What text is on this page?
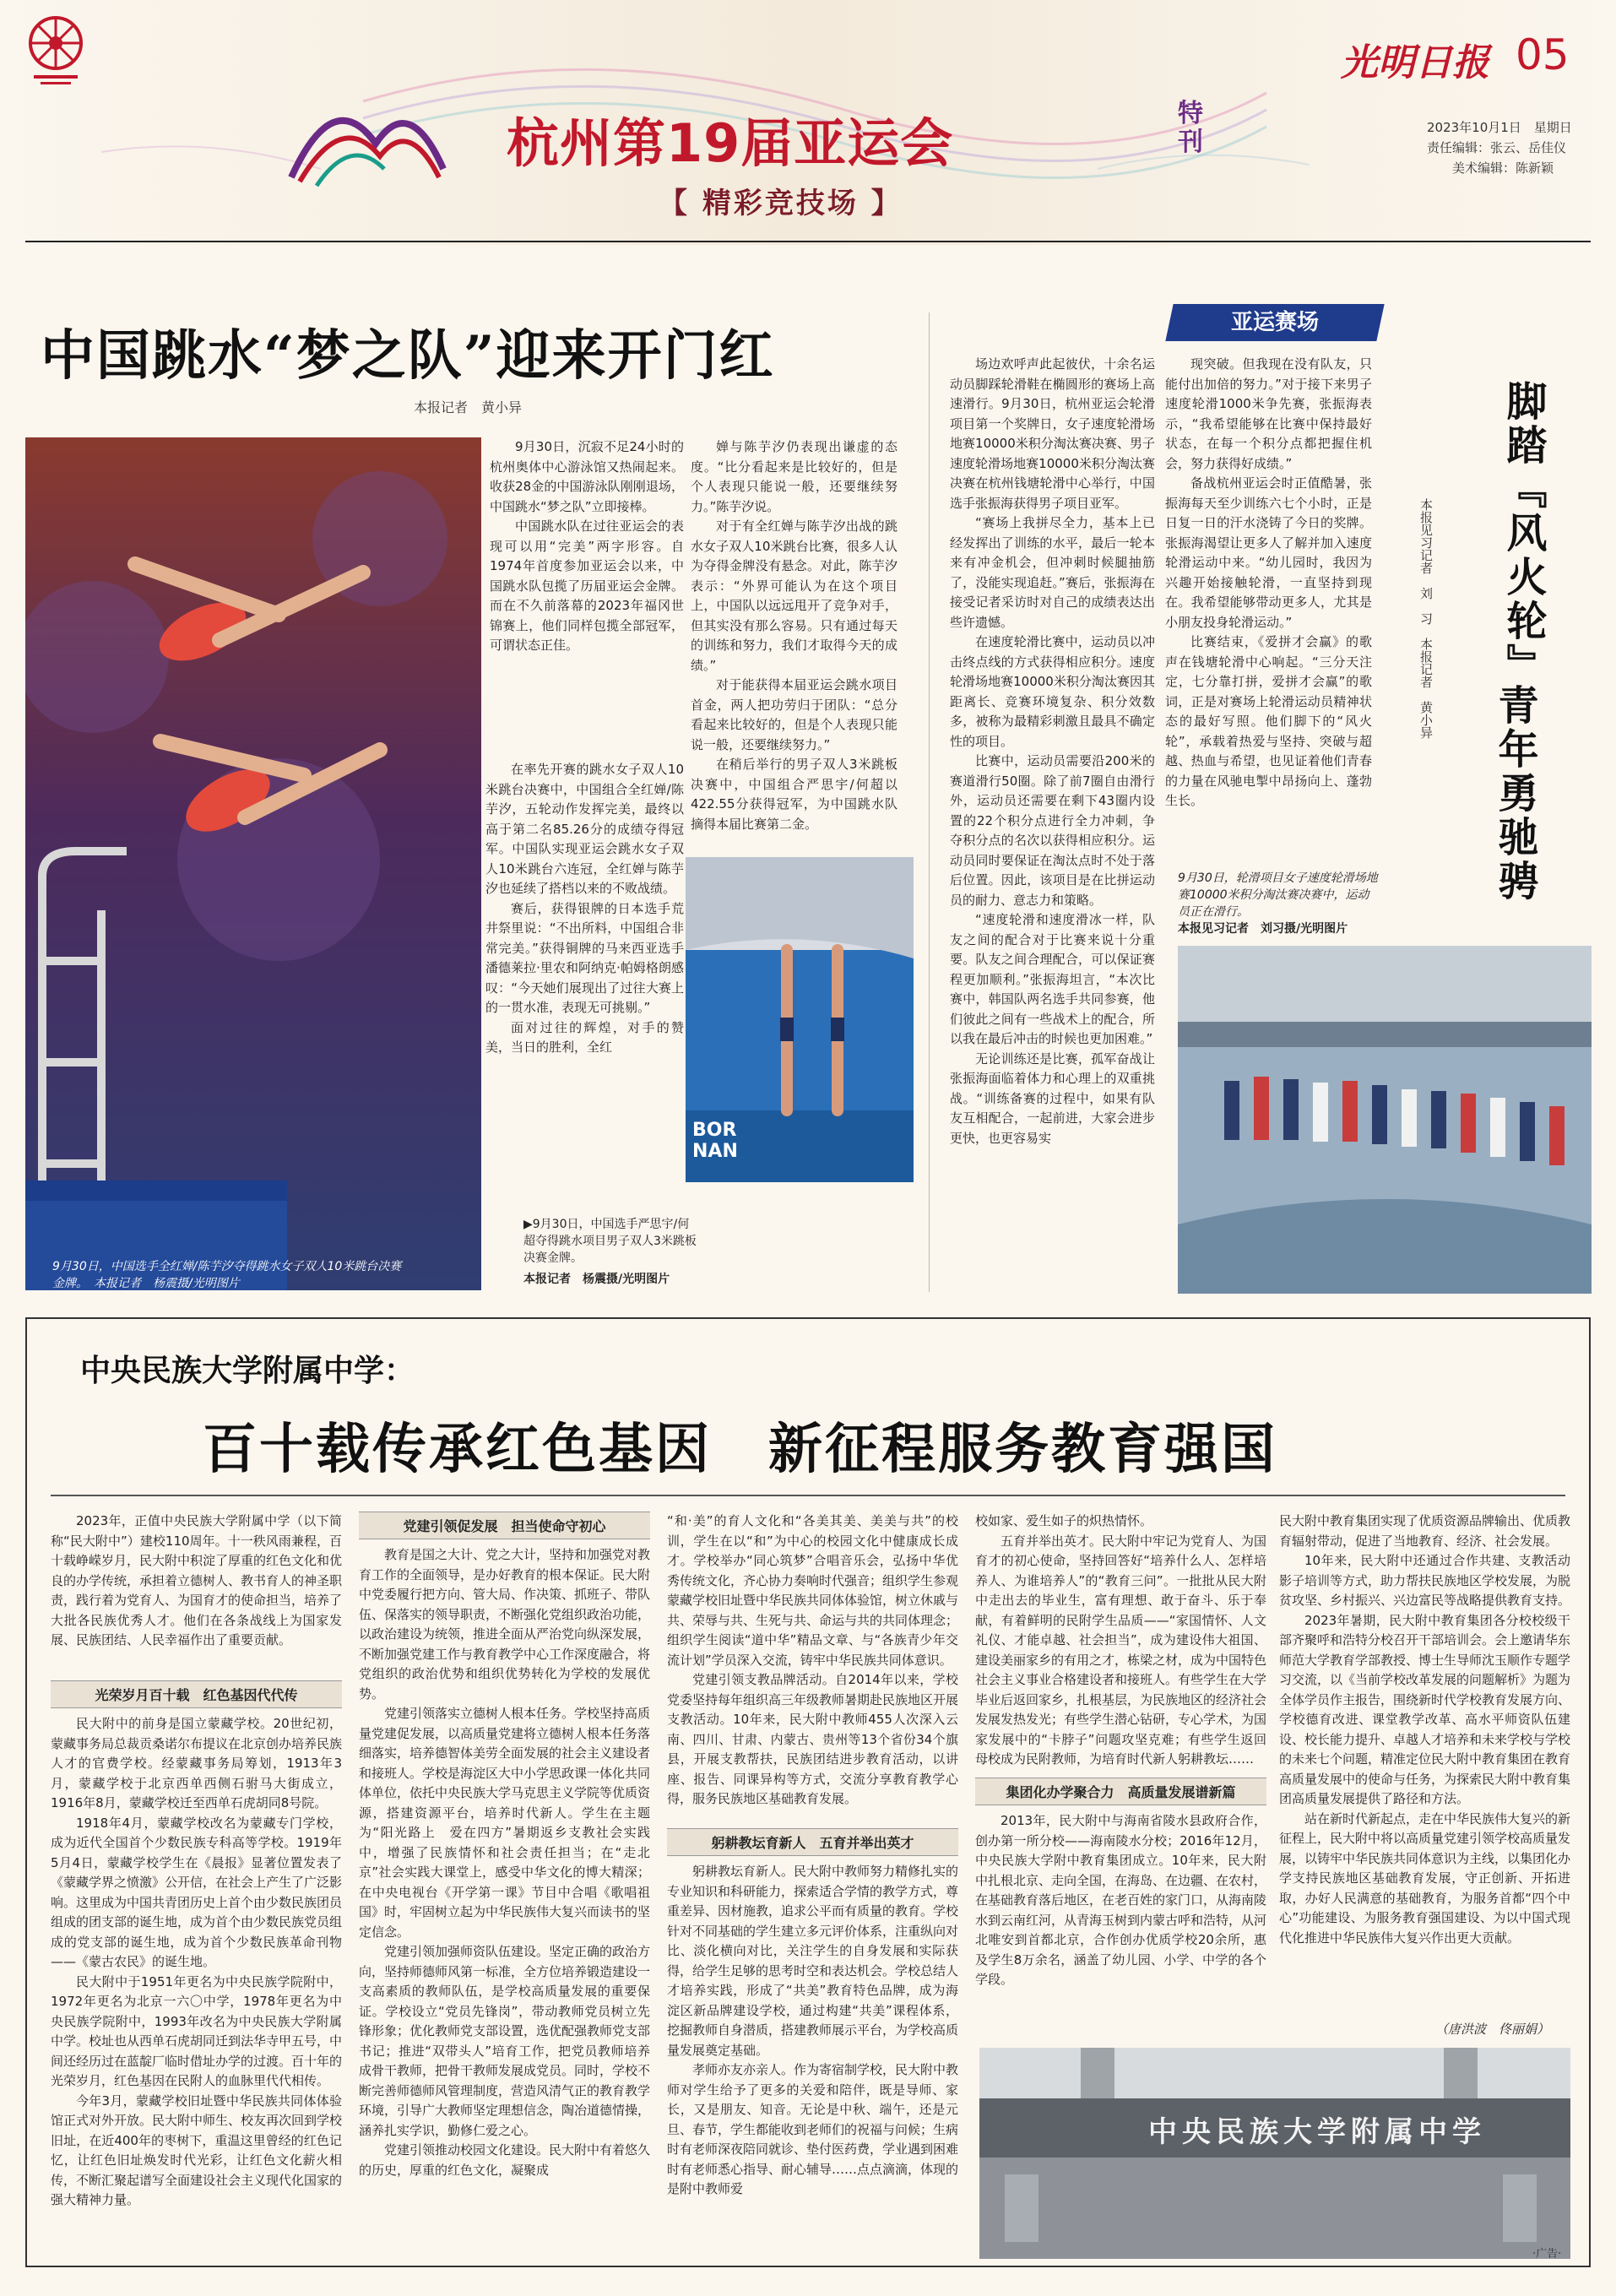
杭州第19届亚运会	特刊
【 精彩竞技场 】
光明日报 05
2023年10月1日　星期日
责任编辑：张云、岳佳仪
美术编辑：陈新颖
中国跳水“梦之队”迎来开门红
本报记者　黄小异
9月30日，中国选手全红婵/陈芋汐夺得跳水女子双人10米跳台决赛金牌。　本报记者　杨震摄/光明图片

9月30日，沉寂不足24小时的杭州奥体中心游泳馆又热闹起来。收获28金的中国游泳队刚刚退场，中国跳水“梦之队”立即接棒。

中国跳水队在过往亚运会的表现可以用“完美”两字形容。自1974年首度参加亚运会以来，中国跳水队包揽了历届亚运会金牌。而在不久前落幕的2023年福冈世锦赛上，他们同样包揽全部冠军，可谓状态正佳。

在率先开赛的跳水女子双人10米跳台决赛中，中国组合全红婵/陈芋汐，五轮动作发挥完美，最终以高于第二名85.26分的成绩夺得冠军。中国队实现亚运会跳水女子双人10米跳台六连冠，全红婵与陈芋汐也延续了搭档以来的不败战绩。

赛后，获得银牌的日本选手荒井祭里说：“不出所料，中国组合非常完美。”获得铜牌的马来西亚选手潘德莱拉·里农和阿纳克·帕姆格朗感叹：“今天她们展现出了过往大赛上的一贯水准，表现无可挑剔。”

面对过往的辉煌，对手的赞美，当日的胜利，全红

婵与陈芋汐仍表现出谦虚的态度。“比分看起来是比较好的，但是个人表现只能说一般，还要继续努力。”陈芋汐说。

对于有全红婵与陈芋汐出战的跳水女子双人10米跳台比赛，很多人认为夺得金牌没有悬念。对此，陈芋汐表示：“外界可能认为在这个项目上，中国队以远远甩开了竞争对手，但其实没有那么容易。只有通过每天的训练和努力，我们才取得今天的成绩。”

对于能获得本届亚运会跳水项目首金，两人把功劳归于团队：“总分看起来比较好的，但是个人表现只能说一般，还要继续努力。”

在稍后举行的男子双人3米跳板决赛中，中国组合严思宇/何超以422.55分获得冠军，为中国跳水队摘得本届比赛第二金。

BOR
NAN
▶9月30日，中国选手严思宇/何超夺得跳水项目男子双人3米跳板决赛金牌。
本报记者　杨震摄/光明图片
亚运赛场

场边欢呼声此起彼伏，十余名运动员脚踩轮滑鞋在椭圆形的赛场上高速滑行。9月30日，杭州亚运会轮滑项目第一个奖牌日，女子速度轮滑场地赛10000米积分淘汰赛决赛、男子速度轮滑场地赛10000米积分淘汰赛决赛在杭州钱塘轮滑中心举行，中国选手张振海获得男子项目亚军。

“赛场上我拼尽全力，基本上已经发挥出了训练的水平，最后一轮本来有冲金机会，但冲刺时候腿抽筋了，没能实现追赶。”赛后，张振海在接受记者采访时对自己的成绩表达出些许遗憾。

在速度轮滑比赛中，运动员以冲击终点线的方式获得相应积分。速度轮滑场地赛10000米积分淘汰赛因其距离长、竞赛环境复杂、积分效数多，被称为最精彩刺激且最具不确定性的项目。

比赛中，运动员需要沿200米的赛道滑行50圈。除了前7圈自由滑行外，运动员还需要在剩下43圈内设置的22个积分点进行全力冲刺，争夺积分点的名次以获得相应积分。运动员同时要保证在淘汰点时不处于落后位置。因此，该项目是在比拼运动员的耐力、意志力和策略。

“速度轮滑和速度滑冰一样，队友之间的配合对于比赛来说十分重要。队友之间合理配合，可以保证赛程更加顺利。”张振海坦言，“本次比赛中，韩国队两名选手共同参赛，他们彼此之间有一些战术上的配合，所以我在最后冲击的时候也更加困难。”

无论训练还是比赛，孤军奋战让张振海面临着体力和心理上的双重挑战。“训练备赛的过程中，如果有队友互相配合，一起前进，大家会进步更快，也更容易实

现突破。但我现在没有队友，只能付出加倍的努力。”对于接下来男子速度轮滑1000米争先赛，张振海表示，“我希望能够在比赛中保持最好状态，在每一个积分点都把握住机会，努力获得好成绩。”

备战杭州亚运会时正值酷暑，张振海每天至少训练六七个小时，正是日复一日的汗水浇铸了今日的奖牌。张振海渴望让更多人了解并加入速度轮滑运动中来。“幼儿园时，我因为兴趣开始接触轮滑，一直坚持到现在。我希望能够带动更多人，尤其是小朋友投身轮滑运动。”

比赛结束，《爱拼才会赢》的歌声在钱塘轮滑中心响起。“三分天注定，七分靠打拼，爱拼才会赢”的歌词，正是对赛场上轮滑运动员精神状态的最好写照。他们脚下的“风火轮”，承载着热爱与坚持、突破与超越、热血与希望，也见证着他们青春的力量在风驰电掣中昂扬向上、蓬勃生长。

脚踏『风火轮』
青年勇驰骋
本报见习记者　刘　习　本报记者　黄小异
9月30日，轮滑项目女子速度轮滑场地赛10000米积分淘汰赛决赛中，运动员正在滑行。
本报见习记者　刘习摄/光明图片
中央民族大学附属中学：
百十载传承红色基因　新征程服务教育强国

2023年，正值中央民族大学附属中学（以下简称“民大附中”）建校110周年。十一秩风雨兼程，百十载峥嵘岁月，民大附中积淀了厚重的红色文化和优良的办学传统，承担着立德树人、教书育人的神圣职责，践行着为党育人、为国育才的使命担当，培养了大批各民族优秀人才。他们在各条战线上为国家发展、民族团结、人民幸福作出了重要贡献。

光荣岁月百十载　红色基因代代传

民大附中的前身是国立蒙藏学校。20世纪初，蒙藏事务局总裁贡桑诺尔布提议在北京创办培养民族人才的官费学校。经蒙藏事务局筹划，1913年3月，蒙藏学校于北京西单西侧石驸马大街成立，1916年8月，蒙藏学校迁至西单石虎胡同8号院。

1918年4月，蒙藏学校改名为蒙藏专门学校，成为近代全国首个少数民族专科高等学校。1919年5月4日，蒙藏学校学生在《晨报》显著位置发表了《蒙藏学界之愤激》公开信，在社会上产生了广泛影响。这里成为中国共青团历史上首个由少数民族团员组成的团支部的诞生地，成为首个由少数民族党员组成的党支部的诞生地，成为首个少数民族革命刊物——《蒙古农民》的诞生地。

民大附中于1951年更名为中央民族学院附中，1972年更名为北京一六〇中学，1978年更名为中央民族学院附中，1993年改名为中央民族大学附属中学。校址也从西单石虎胡同迁到法华寺甲五号，中间还经历过在蓝靛厂临时借址办学的过渡。百十年的光荣岁月，红色基因在民附人的血脉里代代相传。

今年3月，蒙藏学校旧址暨中华民族共同体体验馆正式对外开放。民大附中师生、校友再次回到学校旧址，在近400年的枣树下，重温这里曾经的红色记忆，让红色旧址焕发时代光彩，让红色文化薪火相传，不断汇聚起谱写全面建设社会主义现代化国家的强大精神力量。

党建引领促发展　担当使命守初心

教育是国之大计、党之大计，坚持和加强党对教育工作的全面领导，是办好教育的根本保证。民大附中党委履行把方向、管大局、作决策、抓班子、带队伍、保落实的领导职责，不断强化党组织政治功能，以政治建设为统领，推进全面从严治党向纵深发展，不断加强党建工作与教育教学中心工作深度融合，将党组织的政治优势和组织优势转化为学校的发展优势。

党建引领落实立德树人根本任务。学校坚持高质量党建促发展，以高质量党建将立德树人根本任务落细落实，培养德智体美劳全面发展的社会主义建设者和接班人。学校是海淀区大中小学思政课一体化共同体单位，依托中央民族大学马克思主义学院等优质资源，搭建资源平台，培养时代新人。学生在主题为“阳光路上　爱在四方”暑期返乡支教社会实践中，增强了民族情怀和社会责任担当；在“走北京”社会实践大课堂上，感受中华文化的博大精深；在中央电视台《开学第一课》节目中合唱《歌唱祖国》时，牢固树立起为中华民族伟大复兴而读书的坚定信念。

党建引领加强师资队伍建设。坚定正确的政治方向，坚持师德师风第一标准，全方位培养锻造建设一支高素质的教师队伍，是学校高质量发展的重要保证。学校设立“党员先锋岗”，带动教师党员树立先锋形象；优化教师党支部设置，选优配强教师党支部书记；推进“双带头人”培育工作，把党员教师培养成骨干教师，把骨干教师发展成党员。同时，学校不断完善师德师风管理制度，营造风清气正的教育教学环境，引导广大教师坚定理想信念，陶冶道德情操，涵养扎实学识，勤修仁爱之心。

党建引领推动校园文化建设。民大附中有着悠久的历史，厚重的红色文化，凝聚成

“和·美”的育人文化和“各美其美、美美与共”的校训，学生在以“和”为中心的校园文化中健康成长成才。学校举办“同心筑梦”合唱音乐会，弘扬中华优秀传统文化，齐心协力奏响时代强音；组织学生参观蒙藏学校旧址暨中华民族共同体体验馆，树立休戚与共、荣辱与共、生死与共、命运与共的共同体理念；组织学生阅读“道中华”精品文章、与“各族青少年交流计划”学员深入交流，铸牢中华民族共同体意识。

党建引领支教品牌活动。自2014年以来，学校党委坚持每年组织高三年级教师暑期赴民族地区开展支教活动。10年来，民大附中教师455人次深入云南、四川、甘肃、内蒙古、贵州等13个省份34个旗县，开展支教帮扶，民族团结进步教育活动，以讲座、报告、同课异构等方式，交流分享教育教学心得，服务民族地区基础教育发展。

躬耕教坛育新人　五育并举出英才

躬耕教坛育新人。民大附中教师努力精修扎实的专业知识和科研能力，探索适合学情的教学方式，尊重差异、因材施教，追求公平而有质量的教育。学校针对不同基础的学生建立多元评价体系，注重纵向对比、淡化横向对比，关注学生的自身发展和实际获得，给学生足够的思考时空和表达机会。学校总结人才培养实践，形成了“共美”教育特色品牌，成为海淀区新品牌建设学校，通过构建“共美”课程体系，挖掘教师自身潜质，搭建教师展示平台，为学校高质量发展奠定基础。

孝师亦友亦亲人。作为寄宿制学校，民大附中教师对学生给予了更多的关爱和陪伴，既是导师、家长，又是朋友、知音。无论是中秋、端午，还是元旦、春节，学生都能收到老师们的祝福与问候；生病时有老师深夜陪同就诊、垫付医药费，学业遇到困难时有老师悉心指导、耐心辅导……点点滴滴，体现的是附中教师爱

校如家、爱生如子的炽热情怀。

五育并举出英才。民大附中牢记为党育人、为国育才的初心使命，坚持回答好“培养什么人、怎样培养人、为谁培养人”的“教育三问”。一批批从民大附中走出去的毕业生，富有理想、敢于奋斗、乐于奉献，有着鲜明的民附学生品质——“家国情怀、人文礼仪、才能卓越、社会担当”，成为建设伟大祖国、建设美丽家乡的有用之才，栋梁之材，成为中国特色社会主义事业合格建设者和接班人。有些学生在大学毕业后返回家乡，扎根基层，为民族地区的经济社会发展发热发光；有些学生潜心钻研，专心学术，为国家发展中的“卡脖子”问题攻坚克难；有些学生返回母校成为民附教师，为培育时代新人躬耕教坛……

集团化办学聚合力　高质量发展谱新篇

2013年，民大附中与海南省陵水县政府合作，创办第一所分校——海南陵水分校；2016年12月，中央民族大学附中教育集团成立。10年来，民大附中扎根北京、走向全国，在海岛、在边疆、在农村，在基础教育落后地区，在老百姓的家门口，从海南陵水到云南红河，从青海玉树到内蒙古呼和浩特，从河北唯安到首都北京，合作创办优质学校20余所，惠及学生8万余名，涵盖了幼儿园、小学、中学的各个学段。

民大附中教育集团实现了优质资源品牌输出、优质教育辐射带动，促进了当地教育、经济、社会发展。

10年来，民大附中还通过合作共建、支教活动影子培训等方式，助力帮扶民族地区学校发展，为脱贫攻坚、乡村振兴、兴边富民等战略提供教育支持。

2023年暑期，民大附中教育集团各分校校级干部齐聚呼和浩特分校召开干部培训会。会上邀请华东师范大学教育学部教授、博士生导师沈玉顺作专题学习交流，以《当前学校改革发展的问题解析》为题为全体学员作主报告，围绕新时代学校教育发展方向、学校德育改进、课堂教学改革、高水平师资队伍建设、校长能力提升、卓越人才培养和未来学校与学校的未来七个问题，精准定位民大附中教育集团在教育高质量发展中的使命与任务，为探索民大附中教育集团高质量发展提供了路径和方法。

站在新时代新起点，走在中华民族伟大复兴的新征程上，民大附中将以高质量党建引领学校高质量发展，以铸牢中华民族共同体意识为主线，以集团化办学支持民族地区基础教育发展，守正创新、开拓进取，办好人民满意的基础教育，为服务首都“四个中心”功能建设、为服务教育强国建设、为以中国式现代化推进中华民族伟大复兴作出更大贡献。

（唐洪波　佟丽娟）
中央民族大学附属中学
·广告·
